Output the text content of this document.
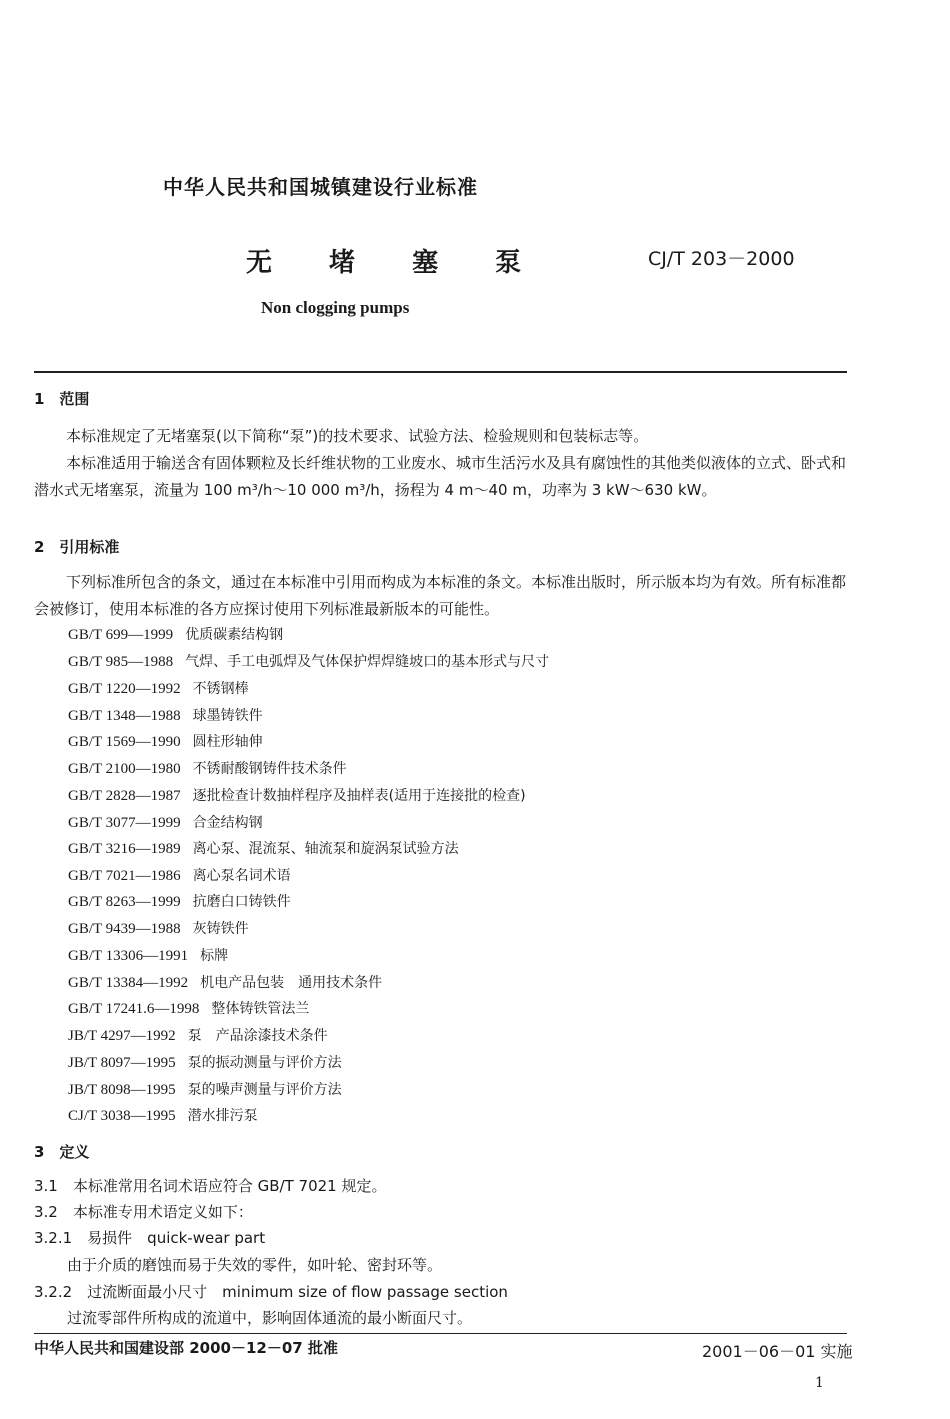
中华人民共和国城镇建设行业标准
无 堵 塞 泵	CJ/T 203－2000
Non clogging pumps
1　范围
本标准规定了无堵塞泵(以下简称“泵”)的技术要求、试验方法、检验规则和包装标志等。
本标准适用于输送含有固体颗粒及长纤维状物的工业废水、城市生活污水及具有腐蚀性的其他类似液体的立式、卧式和潜水式无堵塞泵，流量为 100 m³/h～10 000 m³/h，扬程为 4 m～40 m，功率为 3 kW～630 kW。
2　引用标准
下列标准所包含的条文，通过在本标准中引用而构成为本标准的条文。本标准出版时，所示版本均为有效。所有标准都会被修订，使用本标准的各方应探讨使用下列标准最新版本的可能性。
GB/T 699—1999 优质碳素结构钢
GB/T 985—1988 气焊、手工电弧焊及气体保护焊焊缝坡口的基本形式与尺寸
GB/T 1220—1992 不锈钢棒
GB/T 1348—1988 球墨铸铁件
GB/T 1569—1990 圆柱形轴伸
GB/T 2100—1980 不锈耐酸钢铸件技术条件
GB/T 2828—1987 逐批检查计数抽样程序及抽样表(适用于连接批的检查)
GB/T 3077—1999 合金结构钢
GB/T 3216—1989 离心泵、混流泵、轴流泵和旋涡泵试验方法
GB/T 7021—1986 离心泵名词术语
GB/T 8263—1999 抗磨白口铸铁件
GB/T 9439—1988 灰铸铁件
GB/T 13306—1991 标牌
GB/T 13384—1992 机电产品包装　通用技术条件
GB/T 17241.6—1998 整体铸铁管法兰
JB/T 4297—1992 泵　产品涂漆技术条件
JB/T 8097—1995 泵的振动测量与评价方法
JB/T 8098—1995 泵的噪声测量与评价方法
CJ/T 3038—1995 潜水排污泵
3　定义
3.1　本标准常用名词术语应符合 GB/T 7021 规定。
3.2　本标准专用术语定义如下：
3.2.1　易损件　quick-wear part
由于介质的磨蚀而易于失效的零件，如叶轮、密封环等。
3.2.2　过流断面最小尺寸　minimum size of flow passage section
过流零部件所构成的流道中，影响固体通流的最小断面尺寸。
中华人民共和国建设部 2000－12－07 批准	2001－06－01 实施
1
